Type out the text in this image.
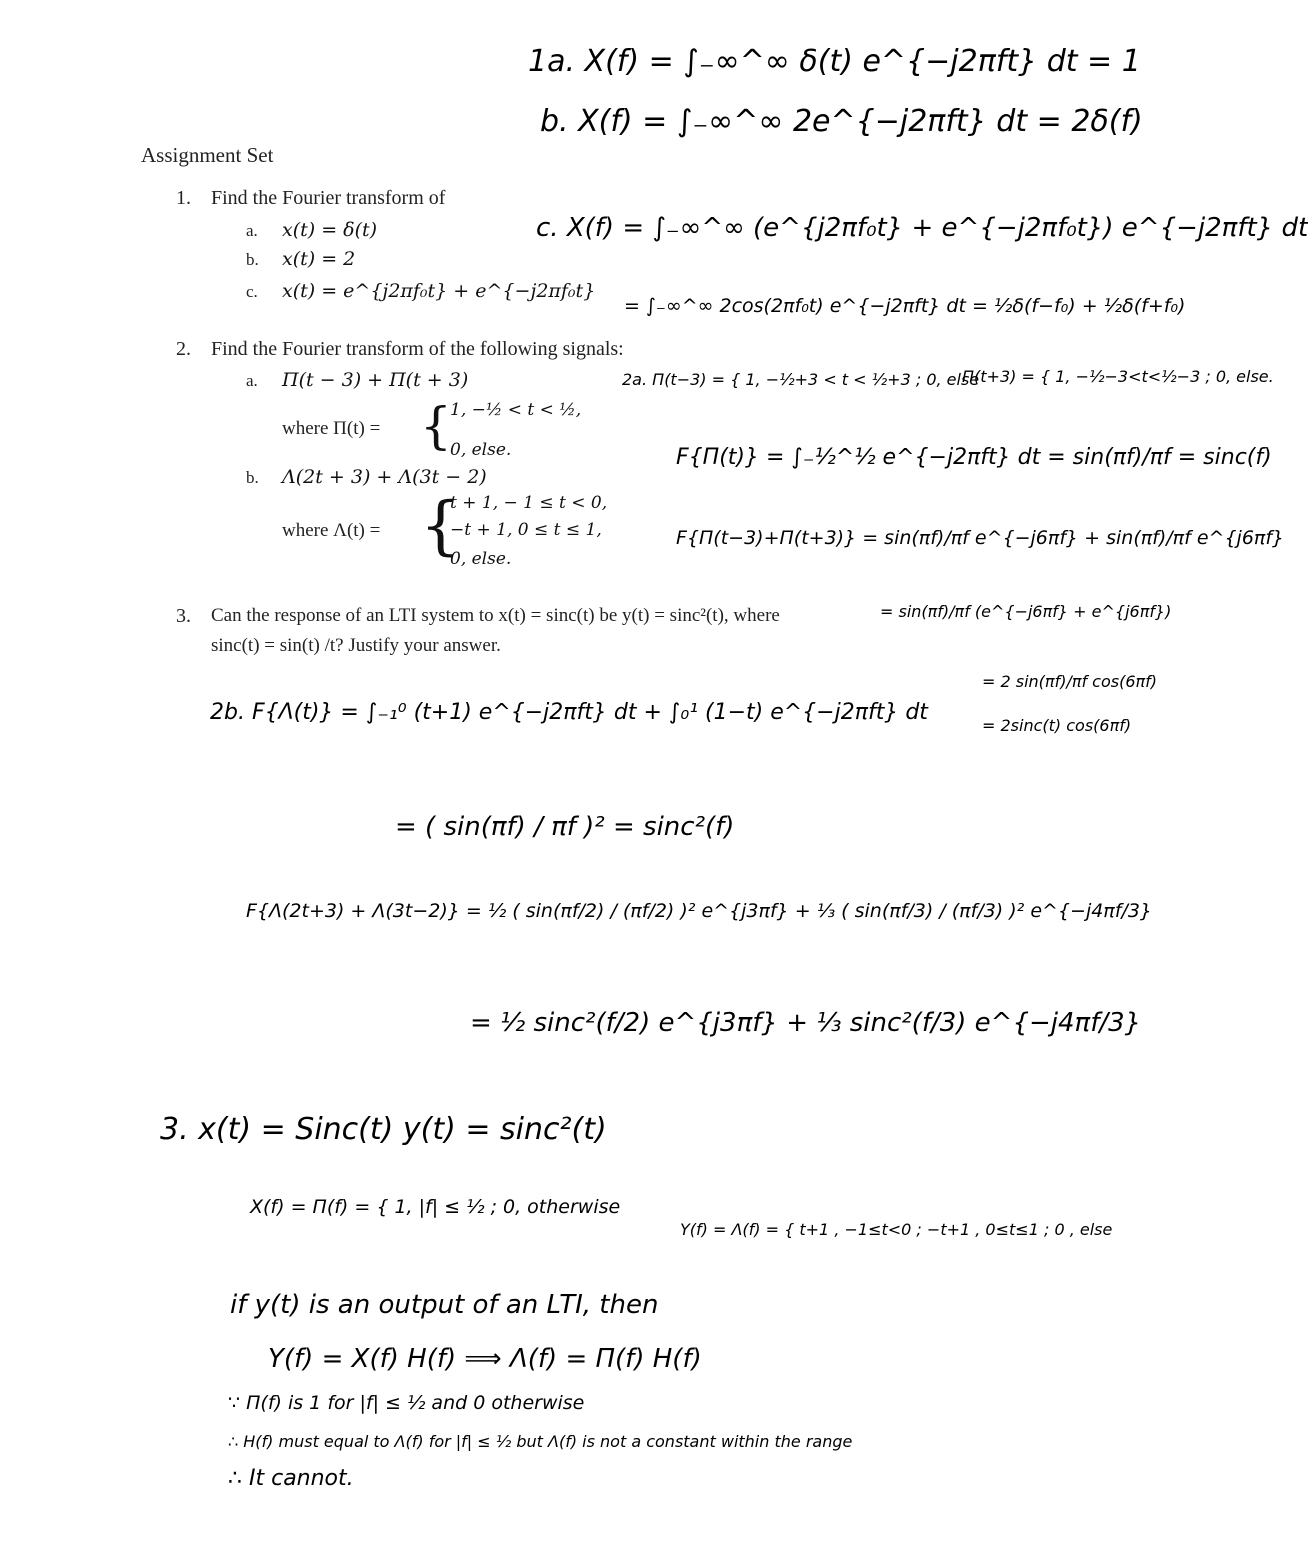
Assignment Set
1. Find the Fourier transform of
a. x(t) = δ(t)
b. x(t) = 2
c. x(t) = e^{j2πf₀t} + e^{−j2πf₀t}
2. Find the Fourier transform of the following signals:
a. Π(t − 3) + Π(t + 3)
where Π(t) = {
1, −½ < t < ½,
0, else.
b. Λ(2t + 3) + Λ(3t − 2)
where Λ(t) = {
t + 1, − 1 ≤ t < 0,
−t + 1, 0 ≤ t ≤ 1,
0, else.
3. Can the response of an LTI system to x(t) = sinc(t) be y(t) = sinc²(t), where
sinc(t) = sin(t) /t? Justify your answer.
1a. X(f) = ∫₋∞^∞ δ(t) e^{−j2πft} dt = 1
b. X(f) = ∫₋∞^∞ 2e^{−j2πft} dt = 2δ(f)
c. X(f) = ∫₋∞^∞ (e^{j2πf₀t} + e^{−j2πf₀t}) e^{−j2πft} dt
= ∫₋∞^∞ 2cos(2πf₀t) e^{−j2πft} dt = ½δ(f−f₀) + ½δ(f+f₀)
2a. Π(t−3) = { 1, −½+3 < t < ½+3 ; 0, else
Π(t+3) = { 1, −½−3<t<½−3 ; 0, else.
F{Π(t)} = ∫₋½^½ e^{−j2πft} dt = sin(πf)/πf = sinc(f)
F{Π(t−3)+Π(t+3)} = sin(πf)/πf e^{−j6πf} + sin(πf)/πf e^{j6πf}
= sin(πf)/πf (e^{−j6πf} + e^{j6πf})
= 2 sin(πf)/πf cos(6πf)
= 2sinc(t) cos(6πf)
2b. F{Λ(t)} = ∫₋₁⁰ (t+1) e^{−j2πft} dt + ∫₀¹ (1−t) e^{−j2πft} dt
= ( sin(πf) / πf )² = sinc²(f)
F{Λ(2t+3) + Λ(3t−2)} = ½ ( sin(πf/2) / (πf/2) )² e^{j3πf} + ⅓ ( sin(πf/3) / (πf/3) )² e^{−j4πf/3}
= ½ sinc²(f/2) e^{j3πf} + ⅓ sinc²(f/3) e^{−j4πf/3}
3. x(t) = Sinc(t) y(t) = sinc²(t)
X(f) = Π(f) = { 1, |f| ≤ ½ ; 0, otherwise
Y(f) = Λ(f) = { t+1 , −1≤t<0 ; −t+1 , 0≤t≤1 ; 0 , else
if y(t) is an output of an LTI, then
Y(f) = X(f) H(f) ⟹ Λ(f) = Π(f) H(f)
∵ Π(f) is 1 for |f| ≤ ½ and 0 otherwise
∴ H(f) must equal to Λ(f) for |f| ≤ ½ but Λ(f) is not a constant within the range
∴ It cannot.
